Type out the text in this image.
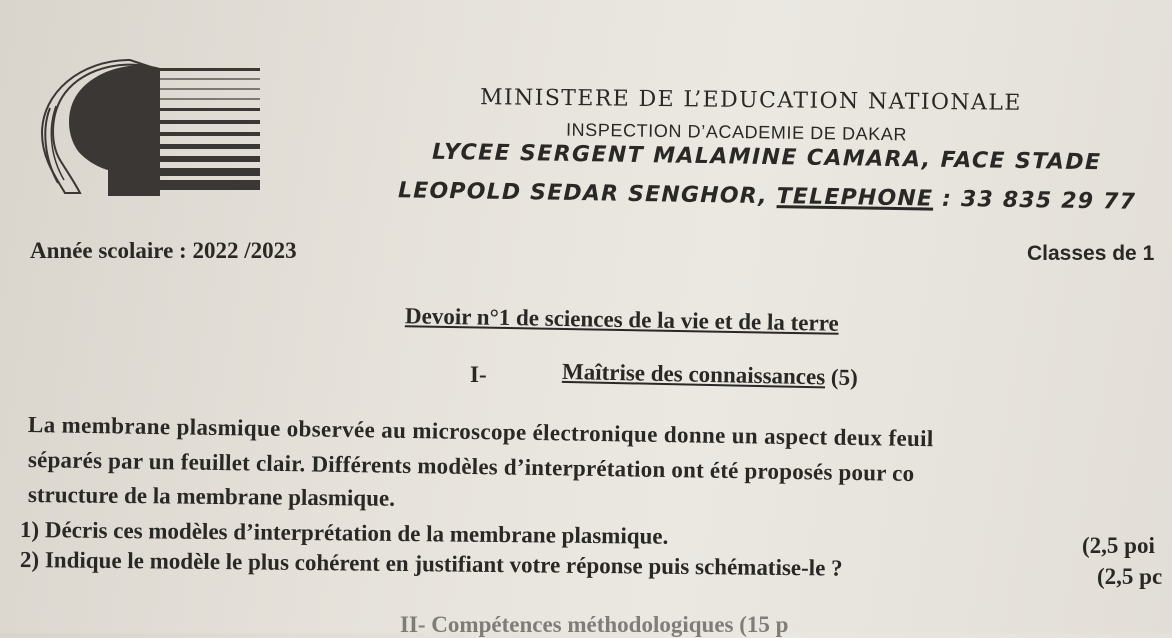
MINISTERE DE L’EDUCATION NATIONALE
INSPECTION D’ACADEMIE DE DAKAR
LYCEE SERGENT MALAMINE CAMARA, FACE STADE
LEOPOLD SEDAR SENGHOR, TELEPHONE : 33 835 29 77
Année scolaire : 2022 /2023	Classes de 1
Devoir n°1 de sciences de la vie et de la terre
I-	Maîtrise des connaissances (5)
La membrane plasmique observée au microscope électronique donne un aspect deux feuil
séparés par un feuillet clair. Différents modèles d’interprétation ont été proposés pour co
structure de la membrane plasmique.
1) Décris ces modèles d’interprétation de la membrane plasmique.	(2,5 poi
2) Indique le modèle le plus cohérent en justifiant votre réponse puis schématise-le ?	(2,5 pc
II- Compétences méthodologiques (15 p
